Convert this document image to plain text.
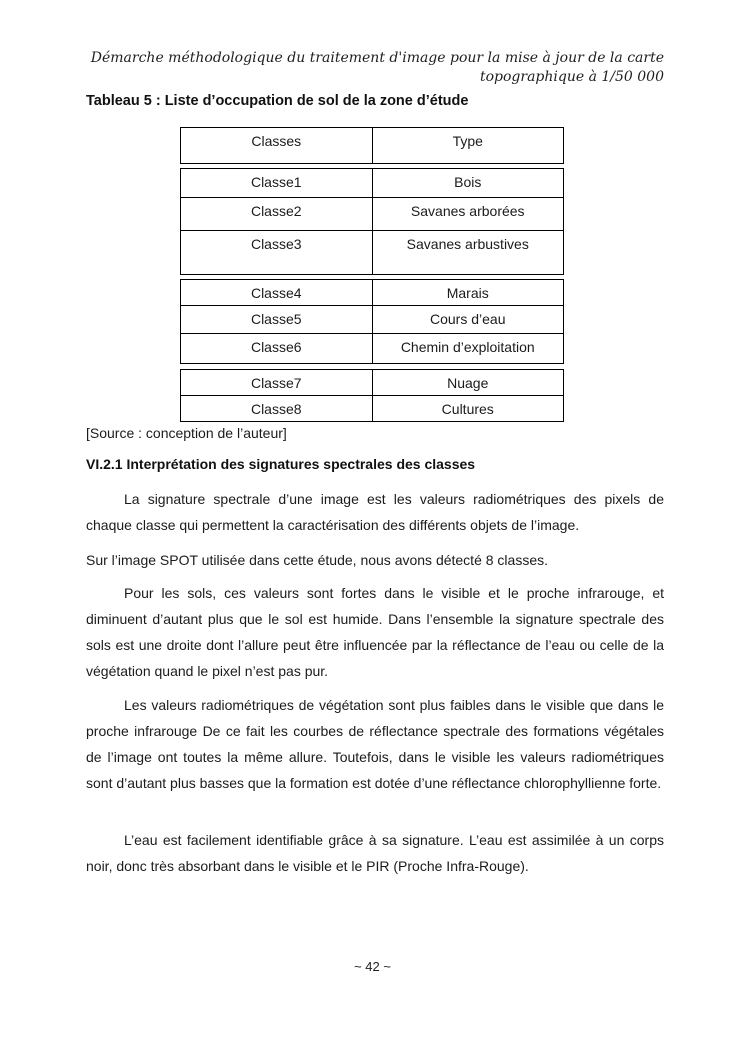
Démarche méthodologique du traitement d'image pour la mise à jour de la carte
topographique à 1/50 000
Tableau 5 : Liste d’occupation de sol de la zone d’étude
Classes	Type
Classe1	Bois
Classe2	Savanes arborées
Classe3	Savanes arbustives
Classe4	Marais
Classe5	Cours d’eau
Classe6	Chemin d’exploitation
Classe7	Nuage
Classe8	Cultures
[Source : conception de l’auteur]
VI.2.1 Interprétation des signatures spectrales des classes

La signature spectrale d’une image est les valeurs radiométriques des pixels de chaque classe qui permettent la caractérisation des différents objets de l’image.

Sur l’image SPOT utilisée dans cette étude, nous avons détecté 8 classes.

Pour les sols, ces valeurs sont fortes dans le visible et le proche infrarouge, et diminuent d’autant plus que le sol est humide. Dans l’ensemble la signature spectrale des sols est une droite dont l’allure peut être influencée par la réflectance de l’eau ou celle de la végétation quand le pixel n’est pas pur.

Les valeurs radiométriques de végétation sont plus faibles dans le visible que dans le proche infrarouge De ce fait les courbes de réflectance spectrale des formations végétales de l’image ont toutes la même allure. Toutefois, dans le visible les valeurs radiométriques sont d’autant plus basses que la formation est dotée d’une réflectance chlorophyllienne forte.

L’eau est facilement identifiable grâce à sa signature. L’eau est assimilée à un corps noir, donc très absorbant dans le visible et le PIR (Proche Infra-Rouge).

~ 42 ~
